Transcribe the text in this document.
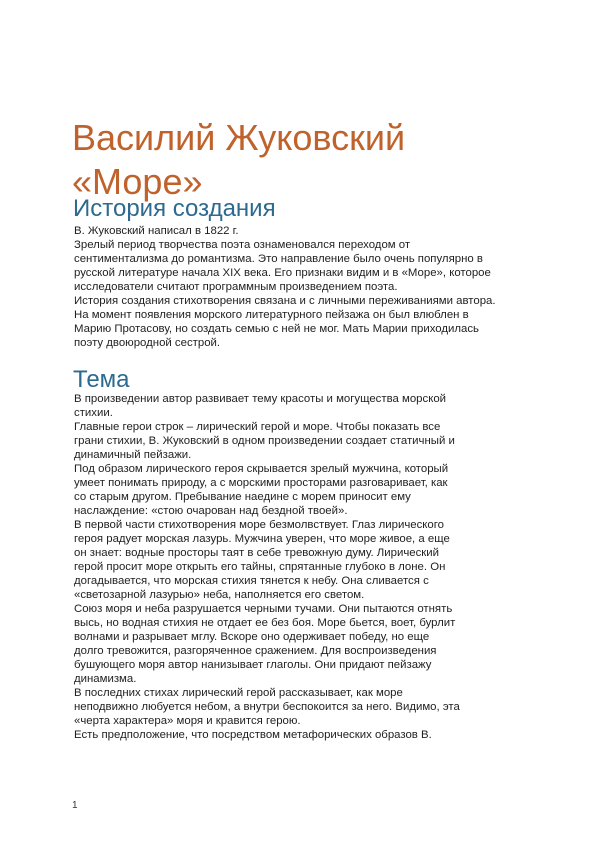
Василий Жуковский
«Море»
История создания

В. Жуковский написал в 1822 г.

Зрелый период творчества поэта ознаменовался переходом от

сентиментализма до романтизма. Это направление было очень популярно в

русской литературе начала XIX века. Его признаки видим и в «Море», которое

исследователи считают программным произведением поэта.

История создания стихотворения связана и с личными переживаниями автора.

На момент появления морского литературного пейзажа он был влюблен в

Марию Протасову, но создать семью с ней не мог. Мать Марии приходилась

поэту двоюродной сестрой.

Тема

В произведении автор развивает тему красоты и могущества морской

стихии.

Главные герои строк – лирический герой и море. Чтобы показать все

грани стихии, В. Жуковский в одном произведении создает статичный и

динамичный пейзажи.

Под образом лирического героя скрывается зрелый мужчина, который

умеет понимать природу, а с морскими просторами разговаривает, как

со старым другом. Пребывание наедине с морем приносит ему

наслаждение: «стою очарован над бездной твоей».

В первой части стихотворения море безмолвствует. Глаз лирического

героя радует морская лазурь. Мужчина уверен, что море живое, а еще

он знает: водные просторы таят в себе тревожную думу. Лирический

герой просит море открыть его тайны, спрятанные глубоко в лоне. Он

догадывается, что морская стихия тянется к небу. Она сливается с

«светозарной лазурью» неба, наполняется его светом.

Союз моря и неба разрушается черными тучами. Они пытаются отнять

высь, но водная стихия не отдает ее без боя. Море бьется, воет, бурлит

волнами и разрывает мглу. Вскоре оно одерживает победу, но еще

долго тревожится, разгоряченное сражением. Для воспроизведения

бушующего моря автор нанизывает глаголы. Они придают пейзажу

динамизма.

В последних стихах лирический герой рассказывает, как море

неподвижно любуется небом, а внутри беспокоится за него. Видимо, эта

«черта характера» моря и кравится герою.

Есть предположение, что посредством метафорических образов В.

1
